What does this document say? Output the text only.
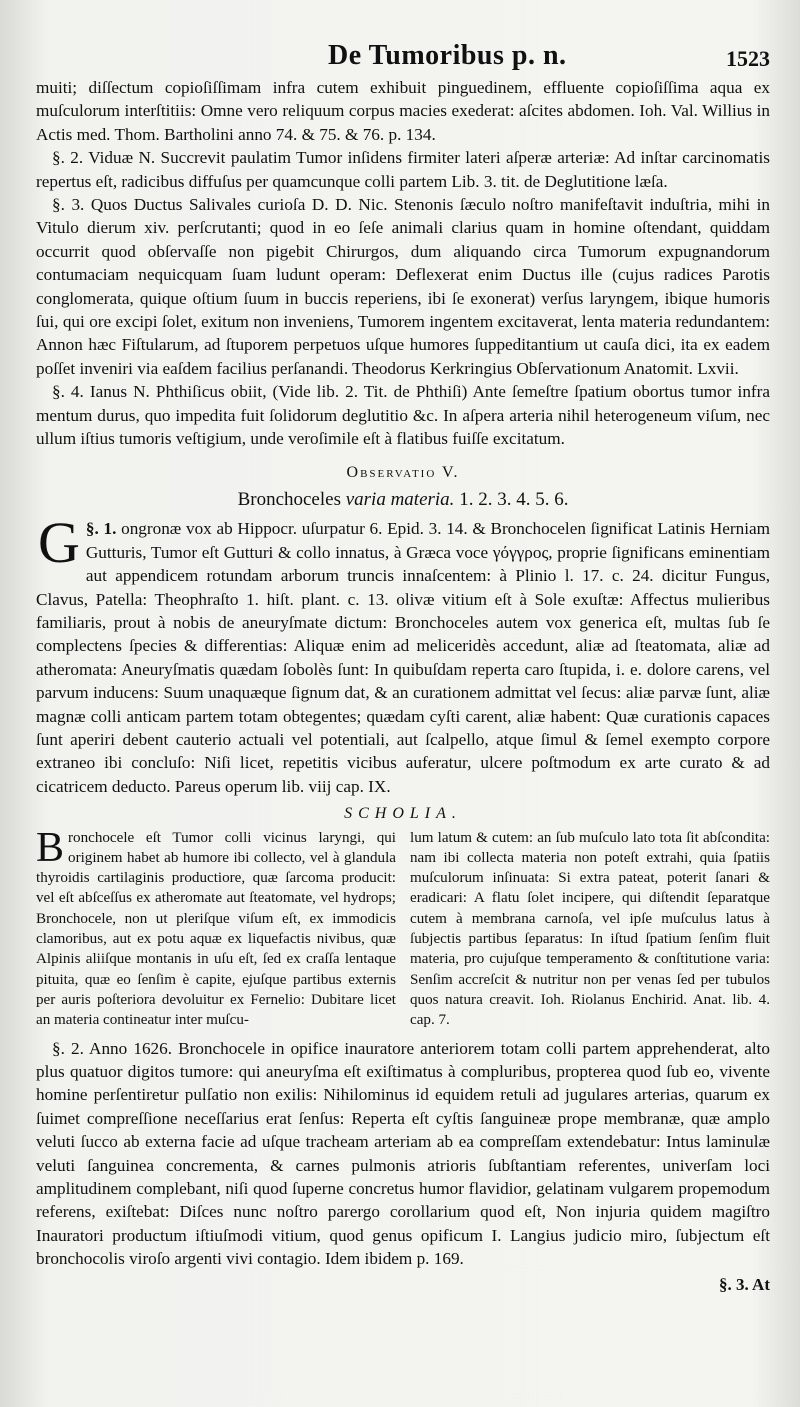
De Tumoribus p. n.	1523

muiti; diſſectum copioſiſſimam infra cutem exhibuit pinguedinem, effluente copioſiſſima aqua ex muſculorum interſtitiis: Omne vero reliquum corpus macies exederat: aſcites abdomen. Ioh. Val. Willius in Actis med. Thom. Bartholini anno 74. & 75. & 76. p. 134.

§. 2. Viduæ N. Succrevit paulatim Tumor inſidens firmiter lateri aſperæ arteriæ: Ad inſtar carcinomatis repertus eſt, radicibus diffuſus per quamcunque colli partem Lib. 3. tit. de Deglutitione læſa.

§. 3. Quos Ductus Salivales curioſa D. D. Nic. Stenonis ſæculo noſtro manifeſtavit induſtria, mihi in Vitulo dierum xiv. perſcrutanti; quod in eo ſeſe animali clarius quam in homine oſtendant, quiddam occurrit quod obſervaſſe non pigebit Chirurgos, dum aliquando circa Tumorum expugnandorum contumaciam nequicquam ſuam ludunt operam: Deflexerat enim Ductus ille (cujus radices Parotis conglomerata, quique oſtium ſuum in buccis reperiens, ibi ſe exonerat) verſus laryngem, ibique humoris ſui, qui ore excipi ſolet, exitum non inveniens, Tumorem ingentem excitaverat, lenta materia redundantem: Annon hæc Fiſtularum, ad ſtuporem perpetuos uſque humores ſuppeditantium ut cauſa dici, ita ex eadem poſſet inveniri via eaſdem facilius perſanandi. Theodorus Kerkringius Obſervationum Anatomit. Lxvii.

§. 4. Ianus N. Phthiſicus obiit, (Vide lib. 2. Tit. de Phthiſi) Ante ſemeſtre ſpatium obortus tumor infra mentum durus, quo impedita fuit ſolidorum deglutitio &c. In aſpera arteria nihil heterogeneum viſum, nec ullum iſtius tumoris veſtigium, unde veroſimile eſt à flatibus fuiſſe excitatum.

Observatio V.
Bronchoceles varia materia. 1. 2. 3. 4. 5. 6.

§. 1.
G ongronæ vox ab Hippocr. uſurpatur 6. Epid. 3. 14. & Bronchocelen ſignificat Latinis Herniam Gutturis, Tumor eſt Gutturi & collo innatus, à Græca voce γόγγρος, proprie ſignificans eminentiam aut appendicem rotundam arborum truncis innaſcentem: à Plinio l. 17. c. 24. dicitur Fungus, Clavus, Patella: Theophraſto 1. hiſt. plant. c. 13. olivæ vitium eſt à Sole exuſtæ: Affectus mulieribus familiaris, prout à nobis de aneuryſmate dictum: Bronchoceles autem vox generica eſt, multas ſub ſe complectens ſpecies & differentias: Aliquæ enim ad meliceridès accedunt, aliæ ad ſteatomata, aliæ ad atheromata: Aneuryſmatis quædam ſobolès ſunt: In quibuſdam reperta caro ſtupida, i. e. dolore carens, vel parvum inducens: Suum unaquæque ſignum dat, & an curationem admittat vel ſecus: aliæ parvæ ſunt, aliæ magnæ colli anticam partem totam obtegentes; quædam cyſti carent, aliæ habent: Quæ curationis capaces ſunt aperiri debent cauterio actuali vel potentiali, aut ſcalpello, atque ſimul & ſemel exempto corpore extraneo ibi concluſo: Niſi licet, repetitis vicibus auferatur, ulcere poſtmodum ex arte curato & ad cicatricem deducto. Pareus operum lib. viij cap. IX.

SCHOLIA.
B ronchocele eſt Tumor colli vicinus laryngi, qui originem habet ab humore ibi collecto, vel à glandula thyroidis cartilaginis productiore, quæ ſarcoma producit: vel eſt abſceſſus ex atheromate aut ſteatomate, vel hydrops; Bronchocele, non ut pleriſque viſum eſt, ex immodicis clamoribus, aut ex potu aquæ ex liquefactis nivibus, quæ Alpinis aliiſque montanis in uſu eſt, ſed ex craſſa lentaque pituita, quæ eo ſenſim è capite, ejuſque partibus externis per auris poſteriora devoluitur ex Fernelio: Dubitare licet an materia contineatur inter muſcu-
lum latum & cutem: an ſub muſculo lato tota ſit abſcondita: nam ibi collecta materia non poteſt extrahi, quia ſpatiis muſculorum inſinuata: Si extra pateat, poterit ſanari & eradicari: A flatu ſolet incipere, qui diſtendit ſeparatque cutem à membrana carnoſa, vel ipſe muſculus latus à ſubjectis partibus ſeparatus: In iſtud ſpatium ſenſim fluit materia, pro cujuſque temperamento & conſtitutione varia: Senſim accreſcit & nutritur non per venas ſed per tubulos quos natura creavit. Ioh. Riolanus Enchirid. Anat. lib. 4. cap. 7.

§. 2. Anno 1626. Bronchocele in opifice inauratore anteriorem totam colli partem apprehenderat, alto plus quatuor digitos tumore: qui aneuryſma eſt exiſtimatus à compluribus, propterea quod ſub eo, vivente homine perſentiretur pulſatio non exilis: Nihilominus id equidem retuli ad jugulares arterias, quarum ex ſuimet compreſſione neceſſarius erat ſenſus: Reperta eſt cyſtis ſanguineæ prope membranæ, quæ amplo veluti ſucco ab externa facie ad uſque tracheam arteriam ab ea compreſſam extendebatur: Intus laminulæ veluti ſanguinea concrementa, & carnes pulmonis atrioris ſubſtantiam referentes, univerſam loci amplitudinem complebant, niſi quod ſuperne concretus humor flavidior, gelatinam vulgarem propemodum referens, exiſtebat: Diſces nunc noſtro parergo corollarium quod eſt, Non injuria quidem magiſtro Inauratori productum iſtiuſmodi vitium, quod genus opificum I. Langius judicio miro, ſubjectum eſt bronchocolis viroſo argenti vivi contagio. Idem ibidem p. 169.

§. 3. At
